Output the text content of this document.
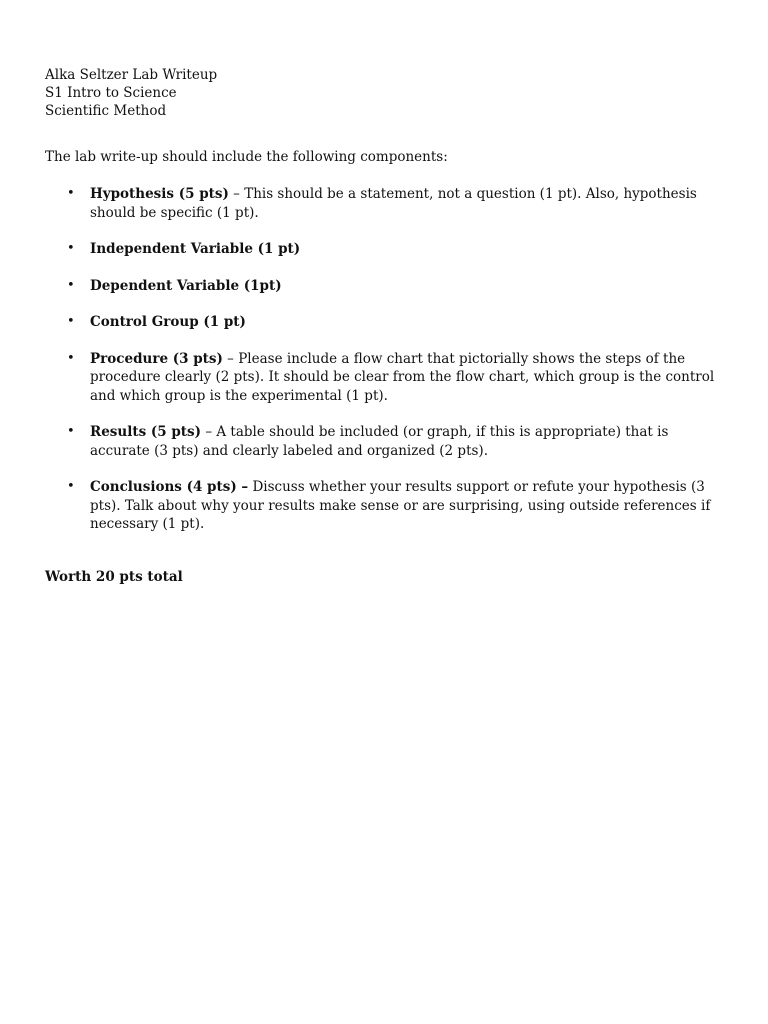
Alka Seltzer Lab Writeup

S1 Intro to Science

Scientific Method

The lab write-up should include the following components:

• Hypothesis (5 pts) – This should be a statement, not a question (1 pt). Also, hypothesis should be specific (1 pt).
• Independent Variable (1 pt)
• Dependent Variable (1pt)
• Control Group (1 pt)
• Procedure (3 pts) – Please include a flow chart that pictorially shows the steps of the procedure clearly (2 pts). It should be clear from the flow chart, which group is the control and which group is the experimental (1 pt).
• Results (5 pts) – A table should be included (or graph, if this is appropriate) that is accurate (3 pts) and clearly labeled and organized (2 pts).
• Conclusions (4 pts) – Discuss whether your results support or refute your hypothesis (3 pts). Talk about why your results make sense or are surprising, using outside references if necessary (1 pt).

Worth 20 pts total
